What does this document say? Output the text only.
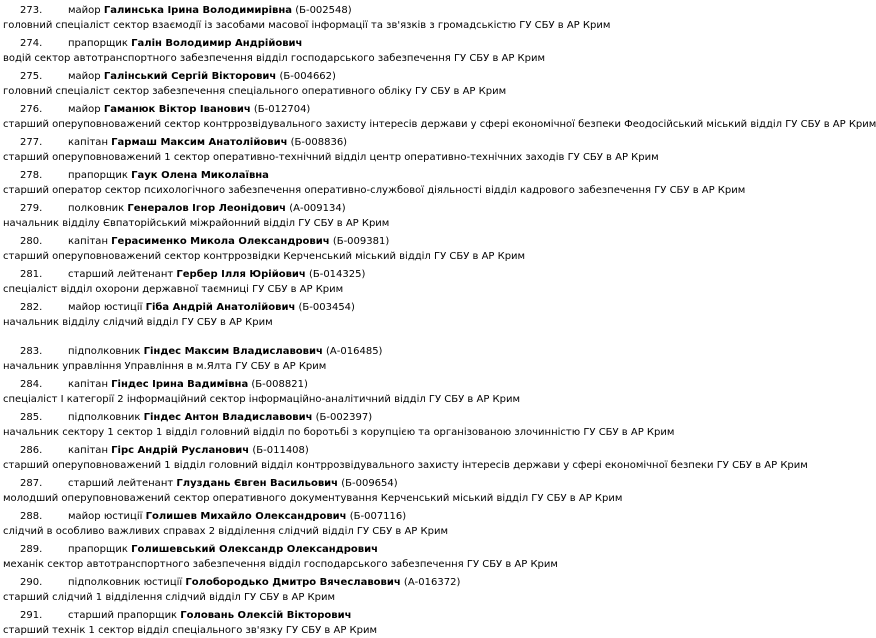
273.	майор Галинська Ірина Володимирівна (Б-002548)
головний спеціаліст сектор взаємодії із засобами масової інформації та зв'язків з громадськістю ГУ СБУ в АР Крим
274.	прапорщик Галін Володимир Андрійович
водій сектор автотранспортного забезпечення відділ господарського забезпечення ГУ СБУ в АР Крим
275.	майор Галінський Сергій Вікторович (Б-004662)
головний спеціаліст сектор забезпечення спеціального оперативного обліку ГУ СБУ в АР Крим
276.	майор Гаманюк Віктор Іванович (Б-012704)
старший оперуповноважений сектор контррозвідувального захисту інтересів держави у сфері економічної безпеки Феодосійський міський відділ ГУ СБУ в АР Крим
277.	капітан Гармаш Максим Анатолійович (Б-008836)
старший оперуповноважений 1 сектор оперативно-технічний відділ центр оперативно-технічних заходів ГУ СБУ в АР Крим
278.	прапорщик Гаук Олена Миколаївна
старший оператор сектор психологічного забезпечення оперативно-службової діяльності відділ кадрового забезпечення ГУ СБУ в АР Крим
279.	полковник Генералов Ігор Леонідович (А-009134)
начальник відділу Євпаторійський міжрайонний відділ ГУ СБУ в АР Крим
280.	капітан Герасименко Микола Олександрович (Б-009381)
старший оперуповноважений сектор контррозвідки Керченський міський відділ ГУ СБУ в АР Крим
281.	старший лейтенант Гербер Ілля Юрійович (Б-014325)
спеціаліст відділ охорони державної таємниці ГУ СБУ в АР Крим
282.	майор юстиції Гіба Андрій Анатолійович (Б-003454)
начальник відділу слідчий відділ ГУ СБУ в АР Крим
283.	підполковник Гіндес Максим Владиславович (А-016485)
начальник управління Управління в м.Ялта ГУ СБУ в АР Крим
284.	капітан Гіндес Ірина Вадимівна (Б-008821)
спеціаліст І категорії 2 інформаційний сектор інформаційно-аналітичний відділ ГУ СБУ в АР Крим
285.	підполковник Гіндес Антон Владиславович (Б-002397)
начальник сектору 1 сектор 1 відділ головний відділ по боротьбі з корупцією та організованою злочинністю ГУ СБУ в АР Крим
286.	капітан Гірс Андрій Русланович (Б-011408)
старший оперуповноважений 1 відділ головний відділ контррозвідувального захисту інтересів держави у сфері економічної безпеки ГУ СБУ в АР Крим
287.	старший лейтенант Глуздань Євген Васильович (Б-009654)
молодший оперуповноважений сектор оперативного документування Керченський міський відділ ГУ СБУ в АР Крим
288.	майор юстиції Голишев Михайло Олександрович (Б-007116)
слідчий в особливо важливих справах 2 відділення слідчий відділ ГУ СБУ в АР Крим
289.	прапорщик Голишевський Олександр Олександрович
механік сектор автотранспортного забезпечення відділ господарського забезпечення ГУ СБУ в АР Крим
290.	підполковник юстиції Голобородько Дмитро Вячеславович (А-016372)
старший слідчий 1 відділення слідчий відділ ГУ СБУ в АР Крим
291.	старший прапорщик Головань Олексій Вікторович
старший технік 1 сектор відділ спеціального зв'язку ГУ СБУ в АР Крим
